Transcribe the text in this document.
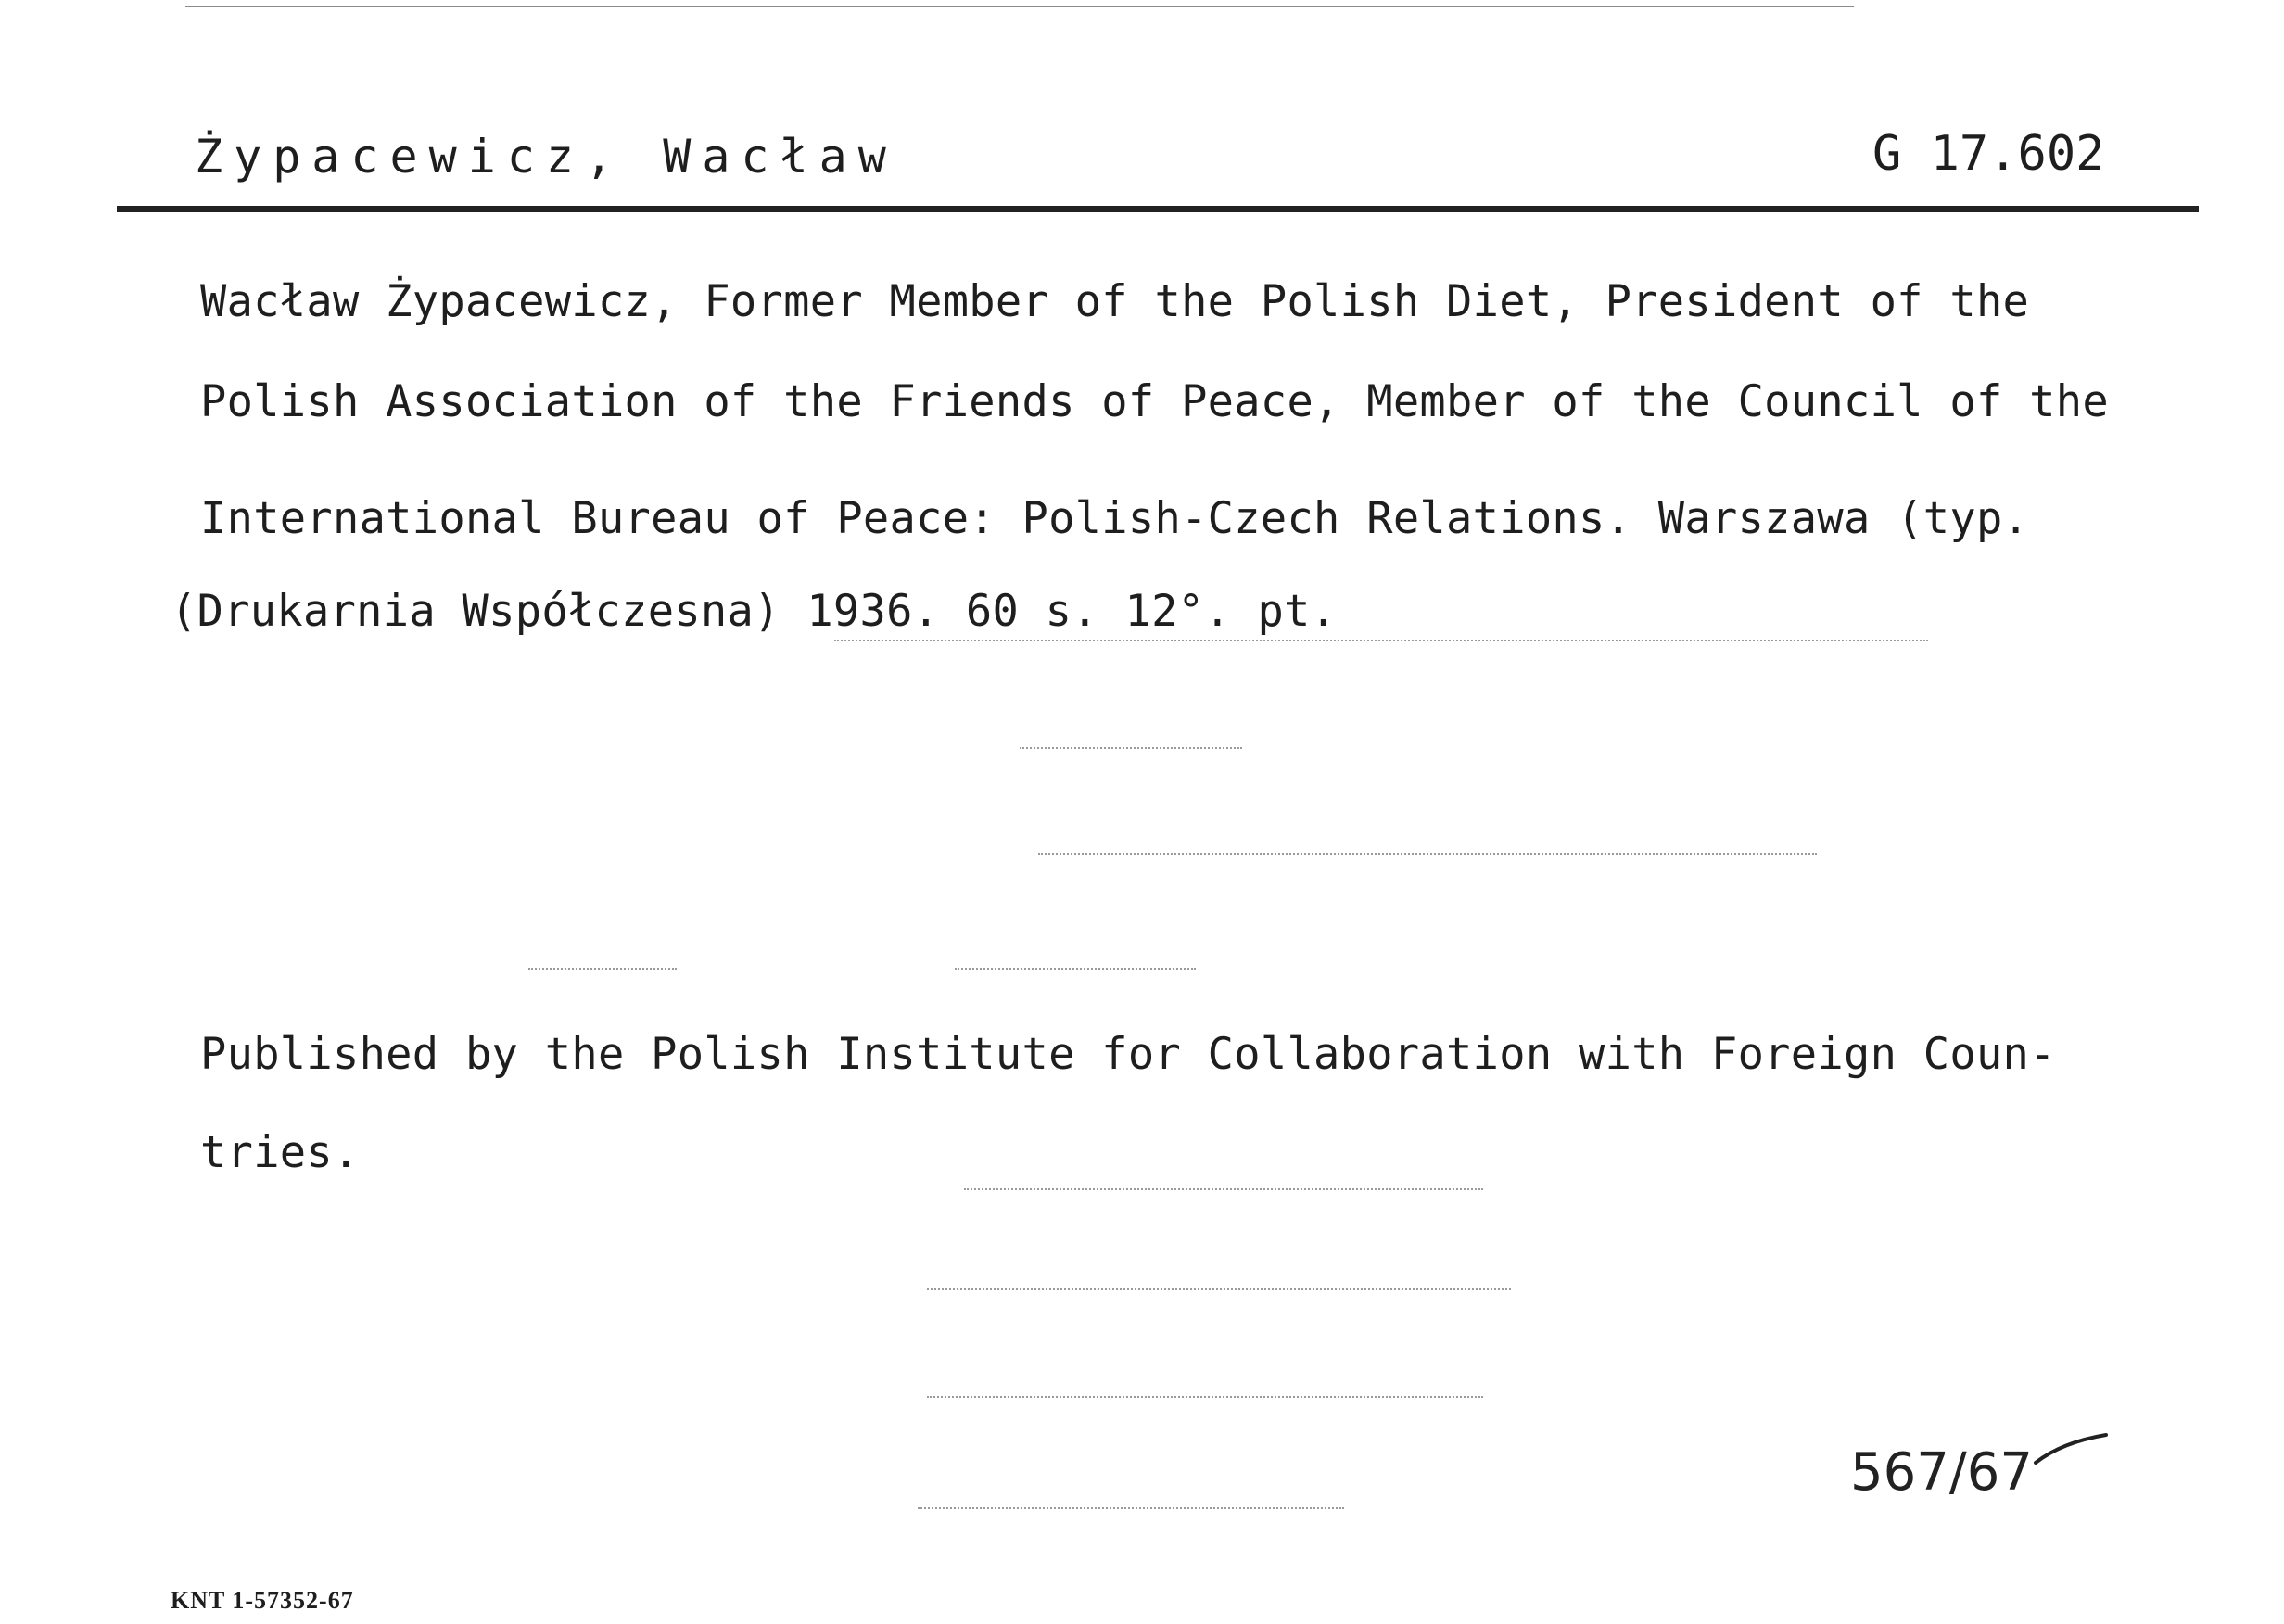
Żypacewicz, Wacław	G 17.602
Wacław Żypacewicz, Former Member of the Polish Diet, President of the
Polish Association of the Friends of Peace, Member of the Council of the
International Bureau of Peace: Polish-Czech Relations. Warszawa (typ.
(Drukarnia Współczesna) 1936. 60 s. 12°. pt.
Published by the Polish Institute for Collaboration with Foreign Coun-
tries.
567/67
KNT 1-57352-67
